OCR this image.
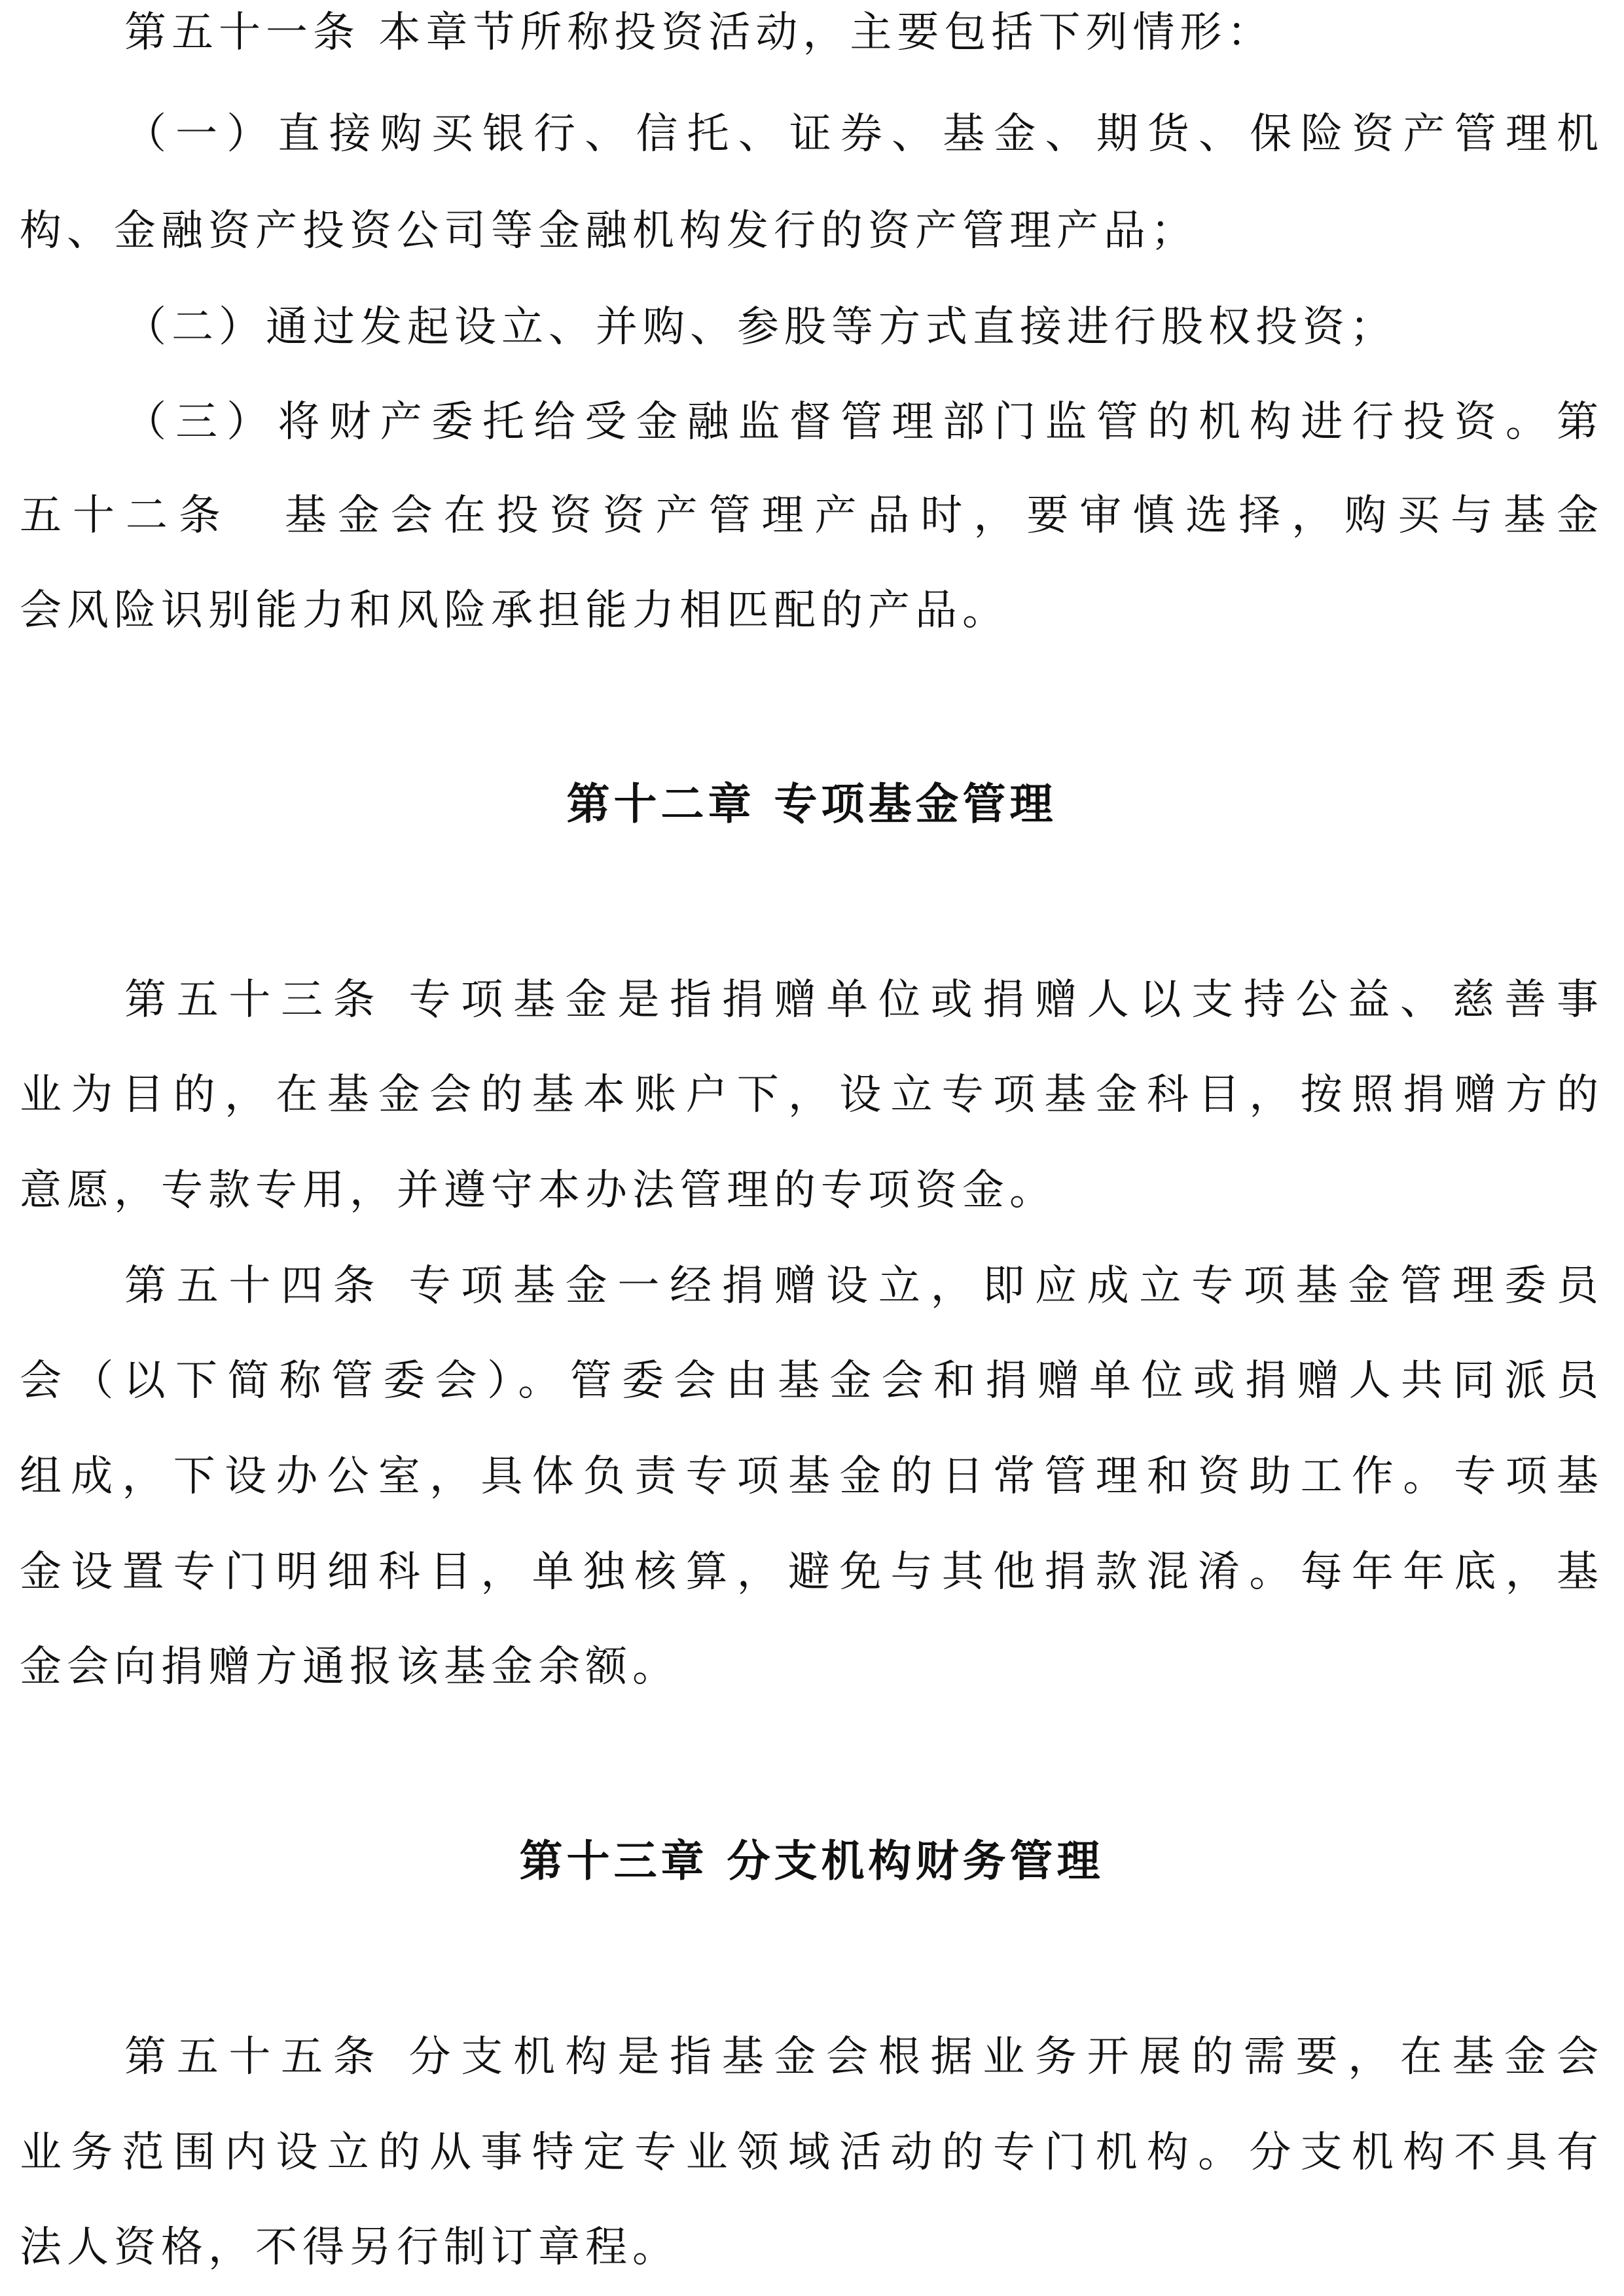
第五十一条 本章节所称投资活动，主要包括下列情形：
（一）直接购买银行、信托、证券、基金、期货、保险资产管理机
构、金融资产投资公司等金融机构发行的资产管理产品；
（二）通过发起设立、并购、参股等方式直接进行股权投资；
（三）将财产委托给受金融监督管理部门监管的机构进行投资。第
五十二条　基金会在投资资产管理产品时，要审慎选择，购买与基金
会风险识别能力和风险承担能力相匹配的产品。
第十二章 专项基金管理
第五十三条 专项基金是指捐赠单位或捐赠人以支持公益、慈善事
业为目的，在基金会的基本账户下，设立专项基金科目，按照捐赠方的
意愿，专款专用，并遵守本办法管理的专项资金。
第五十四条 专项基金一经捐赠设立，即应成立专项基金管理委员
会（以下简称管委会）。管委会由基金会和捐赠单位或捐赠人共同派员
组成，下设办公室，具体负责专项基金的日常管理和资助工作。专项基
金设置专门明细科目，单独核算，避免与其他捐款混淆。每年年底，基
金会向捐赠方通报该基金余额。
第十三章 分支机构财务管理
第五十五条 分支机构是指基金会根据业务开展的需要，在基金会
业务范围内设立的从事特定专业领域活动的专门机构。分支机构不具有
法人资格，不得另行制订章程。
